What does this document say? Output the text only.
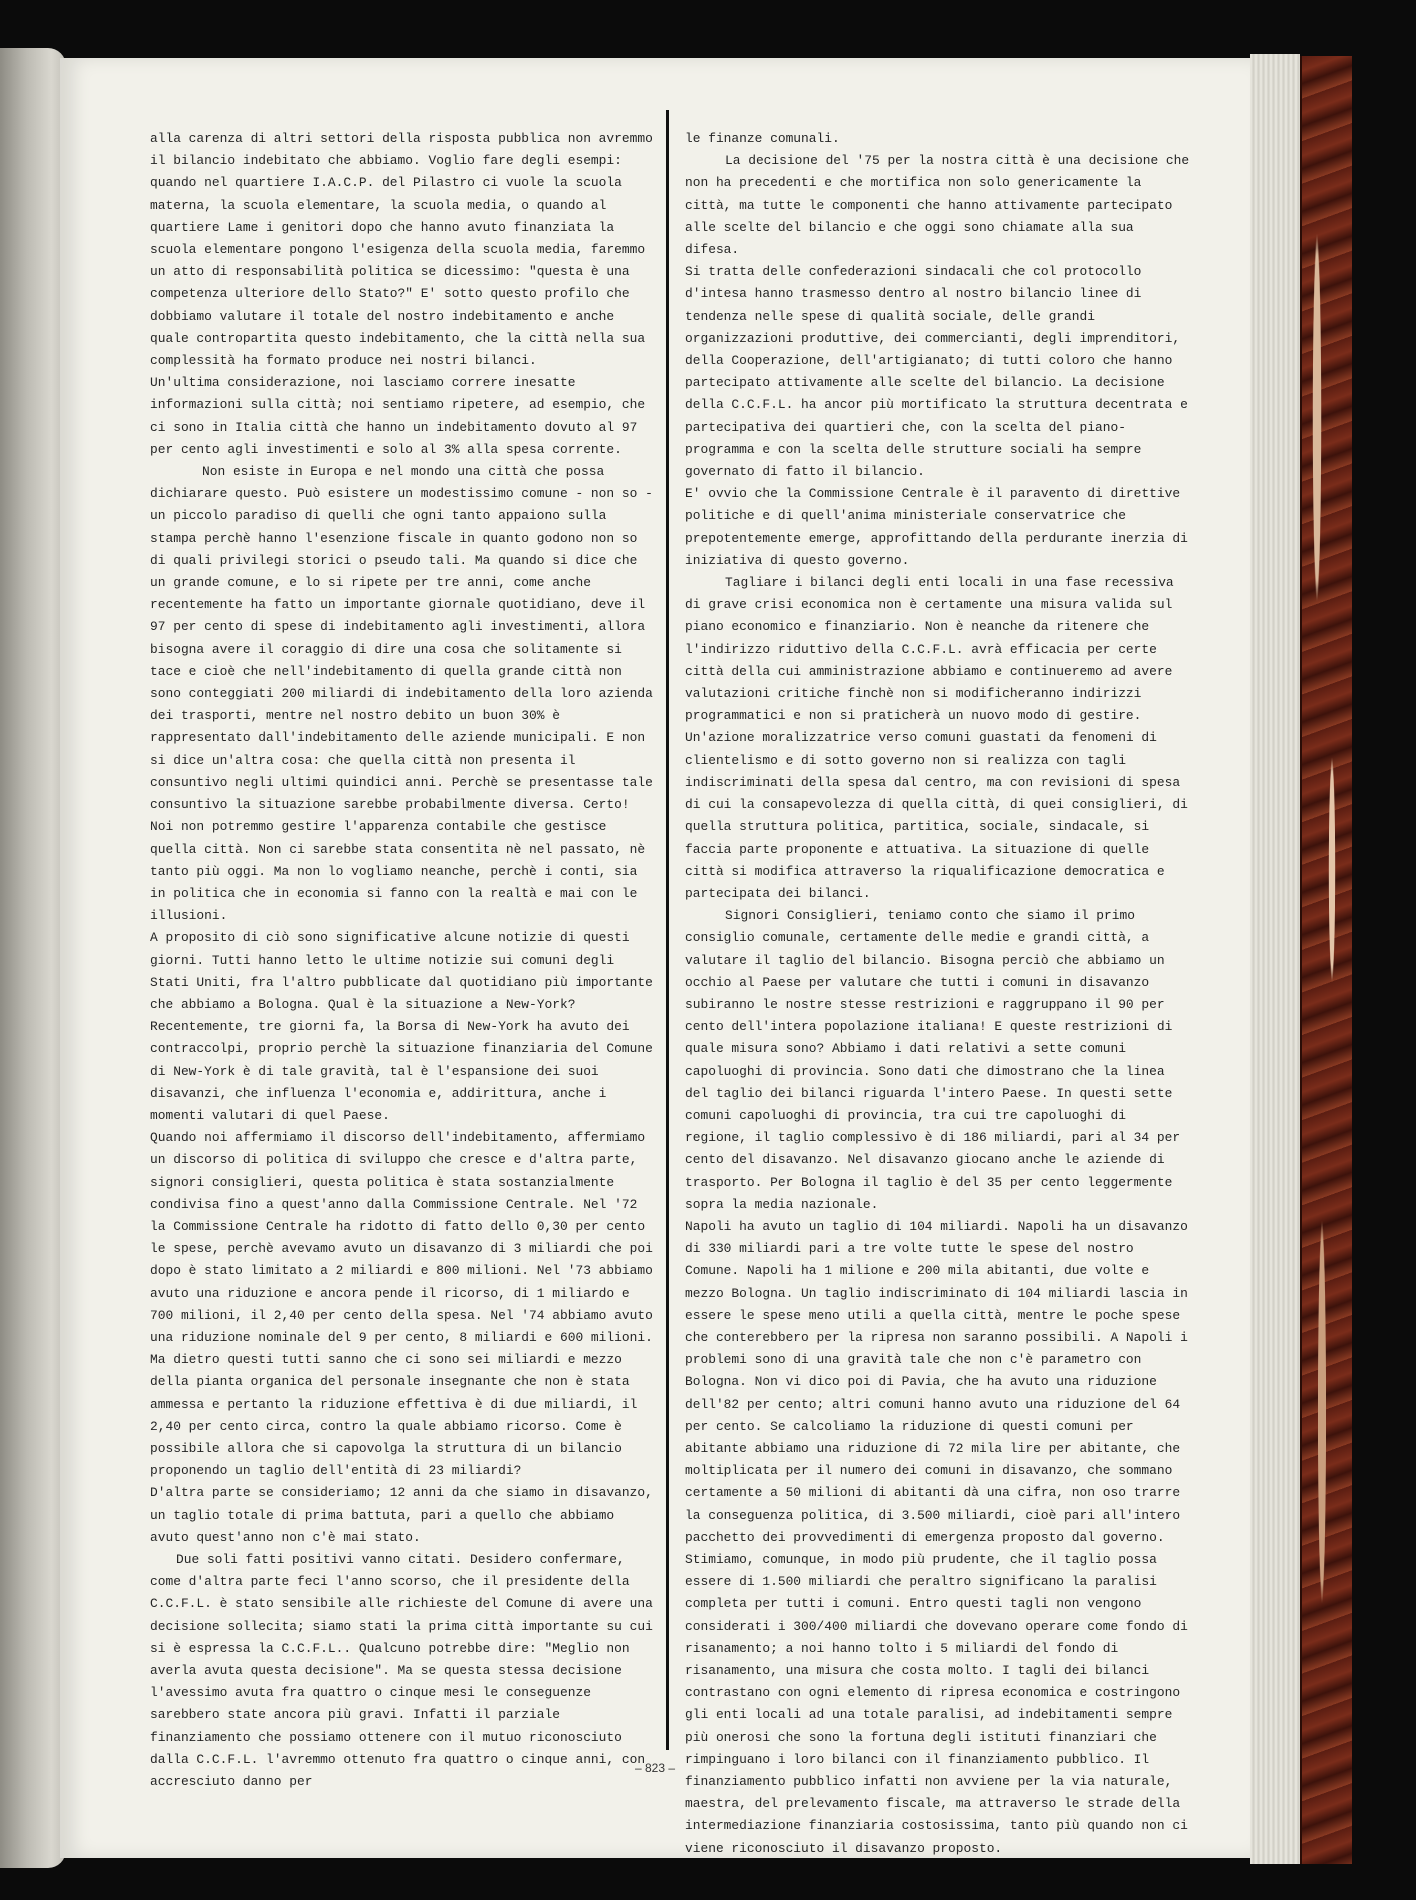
alla carenza di altri settori della risposta pubblica non avremmo il bilancio indebitato che abbiamo. Voglio fare degli esempi: quando nel quartiere I.A.C.P. del Pilastro ci vuole la scuola materna, la scuola elementare, la scuola media, o quando al quartiere Lame i genitori dopo che hanno avuto finanziata la scuola elementare pongono l'esigenza della scuola media, faremmo un atto di responsabilità politica se dicessimo: "questa è una competenza ulteriore dello Stato?" E' sotto questo profilo che dobbiamo valutare il totale del nostro indebitamento e anche quale contropartita questo indebitamento, che la città nella sua complessità ha formato produce nei nostri bilanci.

Un'ultima considerazione, noi lasciamo correre inesatte informazioni sulla città; noi sentiamo ripetere, ad esempio, che ci sono in Italia città che hanno un indebitamento dovuto al 97 per cento agli investimenti e solo al 3% alla spesa corrente.

Non esiste in Europa e nel mondo una città che possa dichiarare questo. Può esistere un modestissimo comune - non so - un piccolo paradiso di quelli che ogni tanto appaiono sulla stampa perchè hanno l'esenzione fiscale in quanto godono non so di quali privilegi storici o pseudo tali. Ma quando si dice che un grande comune, e lo si ripete per tre anni, come anche recentemente ha fatto un importante giornale quotidiano, deve il 97 per cento di spese di indebitamento agli investimenti, allora bisogna avere il coraggio di dire una cosa che solitamente si tace e cioè che nell'indebitamento di quella grande città non sono conteggiati 200 miliardi di indebitamento della loro azienda dei trasporti, mentre nel nostro debito un buon 30% è rappresentato dall'indebitamento delle aziende municipali. E non si dice un'altra cosa: che quella città non presenta il consuntivo negli ultimi quindici anni. Perchè se presentasse tale consuntivo la situazione sarebbe probabilmente diversa. Certo! Noi non potremmo gestire l'apparenza contabile che gestisce quella città. Non ci sarebbe stata consentita nè nel passato, nè tanto più oggi. Ma non lo vogliamo neanche, perchè i conti, sia in politica che in economia si fanno con la realtà e mai con le illusioni.

A proposito di ciò sono significative alcune notizie di questi giorni. Tutti hanno letto le ultime notizie sui comuni degli Stati Uniti, fra l'altro pubblicate dal quotidiano più importante che abbiamo a Bologna. Qual è la situazione a New-York? Recentemente, tre giorni fa, la Borsa di New-York ha avuto dei contraccolpi, proprio perchè la situazione finanziaria del Comune di New-York è di tale gravità, tal è l'espansione dei suoi disavanzi, che influenza l'economia e, addirittura, anche i momenti valutari di quel Paese.

Quando noi affermiamo il discorso dell'indebitamento, affermiamo un discorso di politica di sviluppo che cresce e d'altra parte, signori consiglieri, questa politica è stata sostanzialmente condivisa fino a quest'anno dalla Commissione Centrale. Nel '72 la Commissione Centrale ha ridotto di fatto dello 0,30 per cento le spese, perchè avevamo avuto un disavanzo di 3 miliardi che poi dopo è stato limitato a 2 miliardi e 800 milioni. Nel '73 abbiamo avuto una riduzione e ancora pende il ricorso, di 1 miliardo e 700 milioni, il 2,40 per cento della spesa. Nel '74 abbiamo avuto una riduzione nominale del 9 per cento, 8 miliardi e 600 milioni. Ma dietro questi tutti sanno che ci sono sei miliardi e mezzo della pianta organica del personale insegnante che non è stata ammessa e pertanto la riduzione effettiva è di due miliardi, il 2,40 per cento circa, contro la quale abbiamo ricorso. Come è possibile allora che si capovolga la struttura di un bilancio proponendo un taglio dell'entità di 23 miliardi?

D'altra parte se consideriamo; 12 anni da che siamo in disavanzo, un taglio totale di prima battuta, pari a quello che abbiamo avuto quest'anno non c'è mai stato.

Due soli fatti positivi vanno citati. Desidero confermare, come d'altra parte feci l'anno scorso, che il presidente della C.C.F.L. è stato sensibile alle richieste del Comune di avere una decisione sollecita; siamo stati la prima città importante su cui si è espressa la C.C.F.L.. Qualcuno potrebbe dire: "Meglio non averla avuta questa decisione". Ma se questa stessa decisione l'avessimo avuta fra quattro o cinque mesi le conseguenze sarebbero state ancora più gravi. Infatti il parziale finanziamento che possiamo ottenere con il mutuo riconosciuto dalla C.C.F.L. l'avremmo ottenuto fra quattro o cinque anni, con accresciuto danno per

le finanze comunali.

La decisione del '75 per la nostra città è una decisione che non ha precedenti e che mortifica non solo genericamente la città, ma tutte le componenti che hanno attivamente partecipato alle scelte del bilancio e che oggi sono chiamate alla sua difesa.

Si tratta delle confederazioni sindacali che col protocollo d'intesa hanno trasmesso dentro al nostro bilancio linee di tendenza nelle spese di qualità sociale, delle grandi organizzazioni produttive, dei commercianti, degli imprenditori, della Cooperazione, dell'artigianato; di tutti coloro che hanno partecipato attivamente alle scelte del bilancio. La decisione della C.C.F.L. ha ancor più mortificato la struttura decentrata e partecipativa dei quartieri che, con la scelta del piano-programma e con la scelta delle strutture sociali ha sempre governato di fatto il bilancio.

E' ovvio che la Commissione Centrale è il paravento di direttive politiche e di quell'anima ministeriale conservatrice che prepotentemente emerge, approfittando della perdurante inerzia di iniziativa di questo governo.

Tagliare i bilanci degli enti locali in una fase recessiva di grave crisi economica non è certamente una misura valida sul piano economico e finanziario. Non è neanche da ritenere che l'indirizzo riduttivo della C.C.F.L. avrà efficacia per certe città della cui amministrazione abbiamo e continueremo ad avere valutazioni critiche finchè non si modificheranno indirizzi programmatici e non si praticherà un nuovo modo di gestire. Un'azione moralizzatrice verso comuni guastati da fenomeni di clientelismo e di sotto governo non si realizza con tagli indiscriminati della spesa dal centro, ma con revisioni di spesa di cui la consapevolezza di quella città, di quei consiglieri, di quella struttura politica, partitica, sociale, sindacale, si faccia parte proponente e attuativa. La situazione di quelle città si modifica attraverso la riqualificazione democratica e partecipata dei bilanci.

Signori Consiglieri, teniamo conto che siamo il primo consiglio comunale, certamente delle medie e grandi città, a valutare il taglio del bilancio. Bisogna perciò che abbiamo un occhio al Paese per valutare che tutti i comuni in disavanzo subiranno le nostre stesse restrizioni e raggruppano il 90 per cento dell'intera popolazione italiana! E queste restrizioni di quale misura sono? Abbiamo i dati relativi a sette comuni capoluoghi di provincia. Sono dati che dimostrano che la linea del taglio dei bilanci riguarda l'intero Paese. In questi sette comuni capoluoghi di provincia, tra cui tre capoluoghi di regione, il taglio complessivo è di 186 miliardi, pari al 34 per cento del disavanzo. Nel disavanzo giocano anche le aziende di trasporto. Per Bologna il taglio è del 35 per cento leggermente sopra la media nazionale.

Napoli ha avuto un taglio di 104 miliardi. Napoli ha un disavanzo di 330 miliardi pari a tre volte tutte le spese del nostro Comune. Napoli ha 1 milione e 200 mila abitanti, due volte e mezzo Bologna. Un taglio indiscriminato di 104 miliardi lascia in essere le spese meno utili a quella città, mentre le poche spese che conterebbero per la ripresa non saranno possibili. A Napoli i problemi sono di una gravità tale che non c'è parametro con Bologna. Non vi dico poi di Pavia, che ha avuto una riduzione dell'82 per cento; altri comuni hanno avuto una riduzione del 64 per cento. Se calcoliamo la riduzione di questi comuni per abitante abbiamo una riduzione di 72 mila lire per abitante, che moltiplicata per il numero dei comuni in disavanzo, che sommano certamente a 50 milioni di abitanti dà una cifra, non oso trarre la conseguenza politica, di 3.500 miliardi, cioè pari all'intero pacchetto dei provvedimenti di emergenza proposto dal governo.

Stimiamo, comunque, in modo più prudente, che il taglio possa essere di 1.500 miliardi che peraltro significano la paralisi completa per tutti i comuni. Entro questi tagli non vengono considerati i 300/400 miliardi che dovevano operare come fondo di risanamento; a noi hanno tolto i 5 miliardi del fondo di risanamento, una misura che costa molto. I tagli dei bilanci contrastano con ogni elemento di ripresa economica e costringono gli enti locali ad una totale paralisi, ad indebitamenti sempre più onerosi che sono la fortuna degli istituti finanziari che rimpinguano i loro bilanci con il finanziamento pubblico. Il finanziamento pubblico infatti non avviene per la via naturale, maestra, del prelevamento fiscale, ma attraverso le strade della intermediazione finanziaria costosissima, tanto più quando non ci viene riconosciuto il disavanzo proposto.

– 823 –
